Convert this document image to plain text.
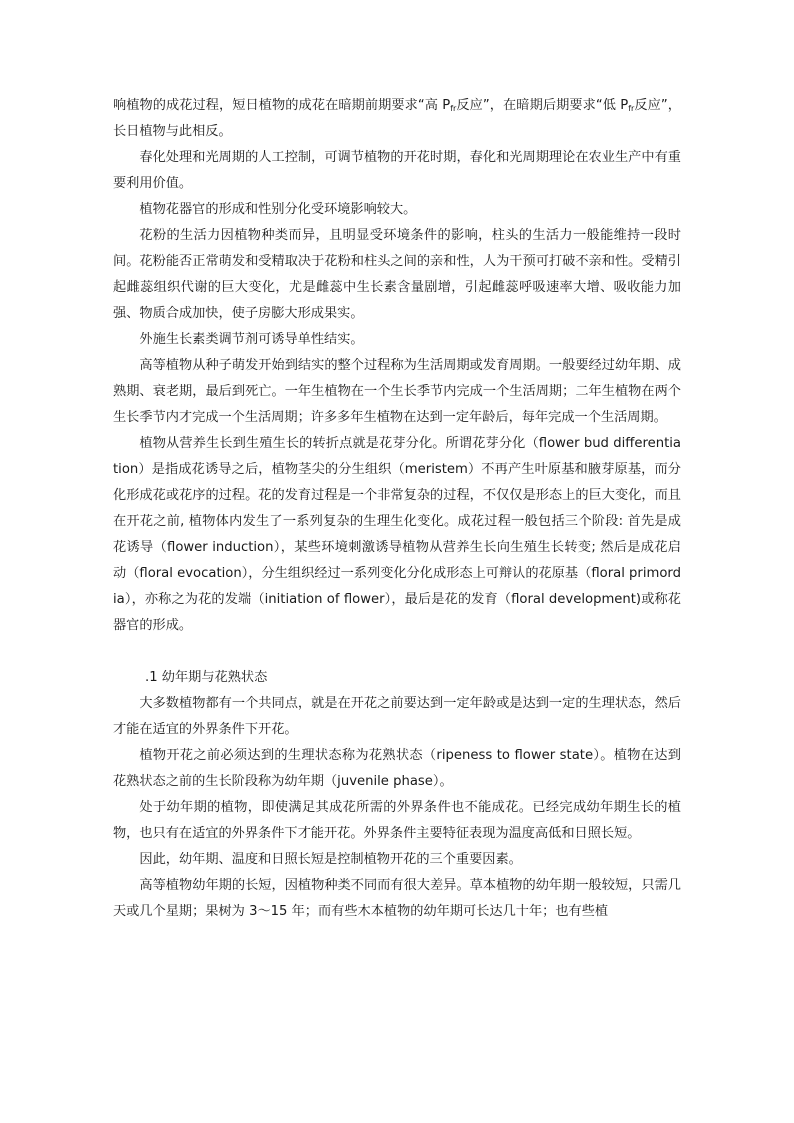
响植物的成花过程，短日植物的成花在暗期前期要求“高 $P_{fr}$反应”，在暗期后期要求“低 $P_{fr}$反应”，长日植物与此相反。

春化处理和光周期的人工控制，可调节植物的开花时期，春化和光周期理论在农业生产中有重要利用价值。

植物花器官的形成和性别分化受环境影响较大。

花粉的生活力因植物种类而异，且明显受环境条件的影响，柱头的生活力一般能维持一段时间。花粉能否正常萌发和受精取决于花粉和柱头之间的亲和性，人为干预可打破不亲和性。受精引起雌蕊组织代谢的巨大变化，尤是雌蕊中生长素含量剧增，引起雌蕊呼吸速率大增、吸收能力加强、物质合成加快，使子房膨大形成果实。

外施生长素类调节剂可诱导单性结实。

高等植物从种子萌发开始到结实的整个过程称为生活周期或发育周期。一般要经过幼年期、成熟期、衰老期，最后到死亡。一年生植物在一个生长季节内完成一个生活周期；二年生植物在两个生长季节内才完成一个生活周期；许多多年生植物在达到一定年龄后，每年完成一个生活周期。

植物从营养生长到生殖生长的转折点就是花芽分化。所谓花芽分化（flower bud differentiation）是指成花诱导之后，植物茎尖的分生组织（meristem）不再产生叶原基和腋芽原基，而分化形成花或花序的过程。花的发育过程是一个非常复杂的过程，不仅仅是形态上的巨大变化，而且在开花之前, 植物体内发生了一系列复杂的生理生化变化。成花过程一般包括三个阶段: 首先是成花诱导（flower induction），某些环境刺激诱导植物从营养生长向生殖生长转变; 然后是成花启动（floral evocation），分生组织经过一系列变化分化成形态上可辩认的花原基（floral primordia），亦称之为花的发端（initiation of flower），最后是花的发育（floral development)或称花器官的形成。

.1 幼年期与花熟状态

大多数植物都有一个共同点，就是在开花之前要达到一定年龄或是达到一定的生理状态，然后才能在适宜的外界条件下开花。

植物开花之前必须达到的生理状态称为花熟状态（ripeness to flower state）。植物在达到花熟状态之前的生长阶段称为幼年期（juvenile phase）。

处于幼年期的植物，即使满足其成花所需的外界条件也不能成花。已经完成幼年期生长的植物，也只有在适宜的外界条件下才能开花。外界条件主要特征表现为温度高低和日照长短。

因此，幼年期、温度和日照长短是控制植物开花的三个重要因素。

高等植物幼年期的长短，因植物种类不同而有很大差异。草本植物的幼年期一般较短，只需几天或几个星期；果树为 3～15 年；而有些木本植物的幼年期可长达几十年；也有些植
